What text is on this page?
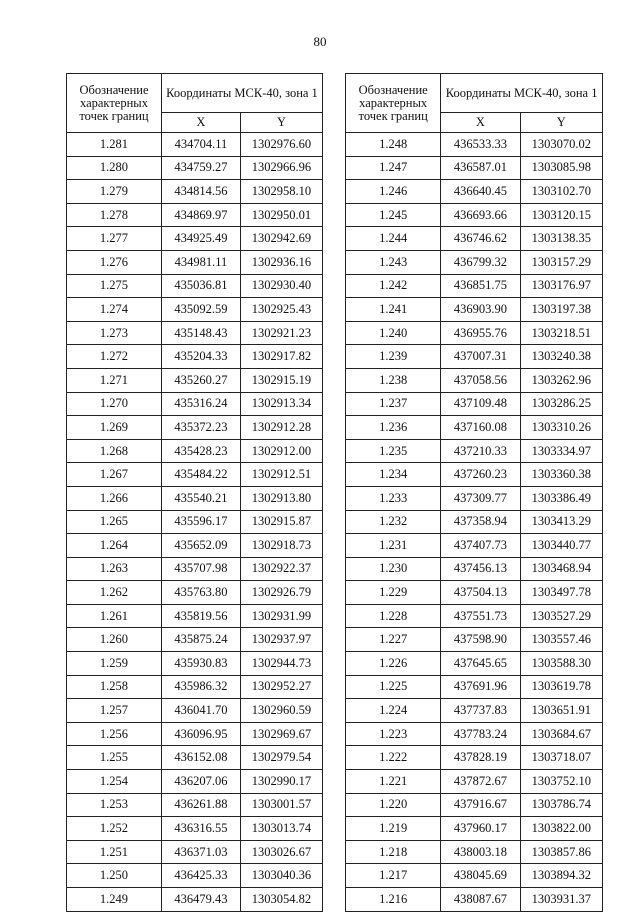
80
Обозначение характерных точек границ	Координаты МСК-40, зона 1	
	X	Y
1.281	434704.11	1302976.60
1.280	434759.27	1302966.96
1.279	434814.56	1302958.10
1.278	434869.97	1302950.01
1.277	434925.49	1302942.69
1.276	434981.11	1302936.16
1.275	435036.81	1302930.40
1.274	435092.59	1302925.43
1.273	435148.43	1302921.23
1.272	435204.33	1302917.82
1.271	435260.27	1302915.19
1.270	435316.24	1302913.34
1.269	435372.23	1302912.28
1.268	435428.23	1302912.00
1.267	435484.22	1302912.51
1.266	435540.21	1302913.80
1.265	435596.17	1302915.87
1.264	435652.09	1302918.73
1.263	435707.98	1302922.37
1.262	435763.80	1302926.79
1.261	435819.56	1302931.99
1.260	435875.24	1302937.97
1.259	435930.83	1302944.73
1.258	435986.32	1302952.27
1.257	436041.70	1302960.59
1.256	436096.95	1302969.67
1.255	436152.08	1302979.54
1.254	436207.06	1302990.17
1.253	436261.88	1303001.57
1.252	436316.55	1303013.74
1.251	436371.03	1303026.67
1.250	436425.33	1303040.36
1.249	436479.43	1303054.82
Обозначение характерных точек границ	Координаты МСК-40, зона 1	
	X	Y
1.248	436533.33	1303070.02
1.247	436587.01	1303085.98
1.246	436640.45	1303102.70
1.245	436693.66	1303120.15
1.244	436746.62	1303138.35
1.243	436799.32	1303157.29
1.242	436851.75	1303176.97
1.241	436903.90	1303197.38
1.240	436955.76	1303218.51
1.239	437007.31	1303240.38
1.238	437058.56	1303262.96
1.237	437109.48	1303286.25
1.236	437160.08	1303310.26
1.235	437210.33	1303334.97
1.234	437260.23	1303360.38
1.233	437309.77	1303386.49
1.232	437358.94	1303413.29
1.231	437407.73	1303440.77
1.230	437456.13	1303468.94
1.229	437504.13	1303497.78
1.228	437551.73	1303527.29
1.227	437598.90	1303557.46
1.226	437645.65	1303588.30
1.225	437691.96	1303619.78
1.224	437737.83	1303651.91
1.223	437783.24	1303684.67
1.222	437828.19	1303718.07
1.221	437872.67	1303752.10
1.220	437916.67	1303786.74
1.219	437960.17	1303822.00
1.218	438003.18	1303857.86
1.217	438045.69	1303894.32
1.216	438087.67	1303931.37
